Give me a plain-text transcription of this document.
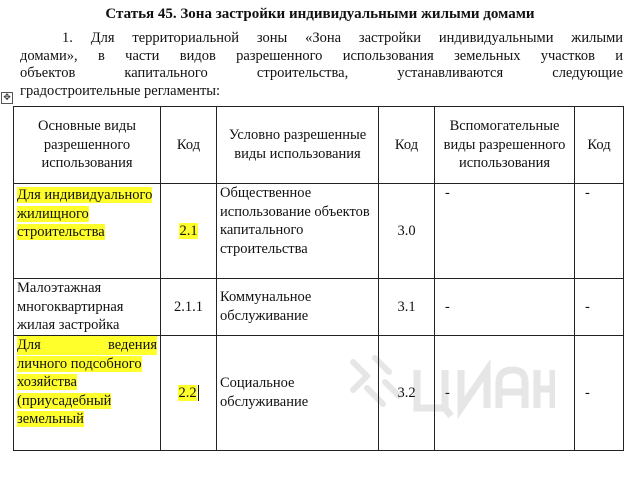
Статья 45. Зона застройки индивидуальными жилыми домами
1. Для территориальной зоны «Зона застройки индивидуальными жилыми
домами», в части видов разрешенного использования земельных участков и
объектов капитального строительства, устанавливаются следующие
градостроительные регламенты:
✥
Основные виды разрешенного использования	Код	Условно разрешенные виды использования	Код	Вспомогательные виды разрешенного использования	Код
Для индивидуального жилищного строительства	2.1	Общественное использование объектов капитального строительства	3.0	-	-
Малоэтажная многоквартирная жилая застройка	2.1.1	Коммунальное обслуживание	3.1	-	-

Для ведения
личного подсобного хозяйства (приусадебный земельный	2.2	Социальное обслуживание	3.2	-	-
